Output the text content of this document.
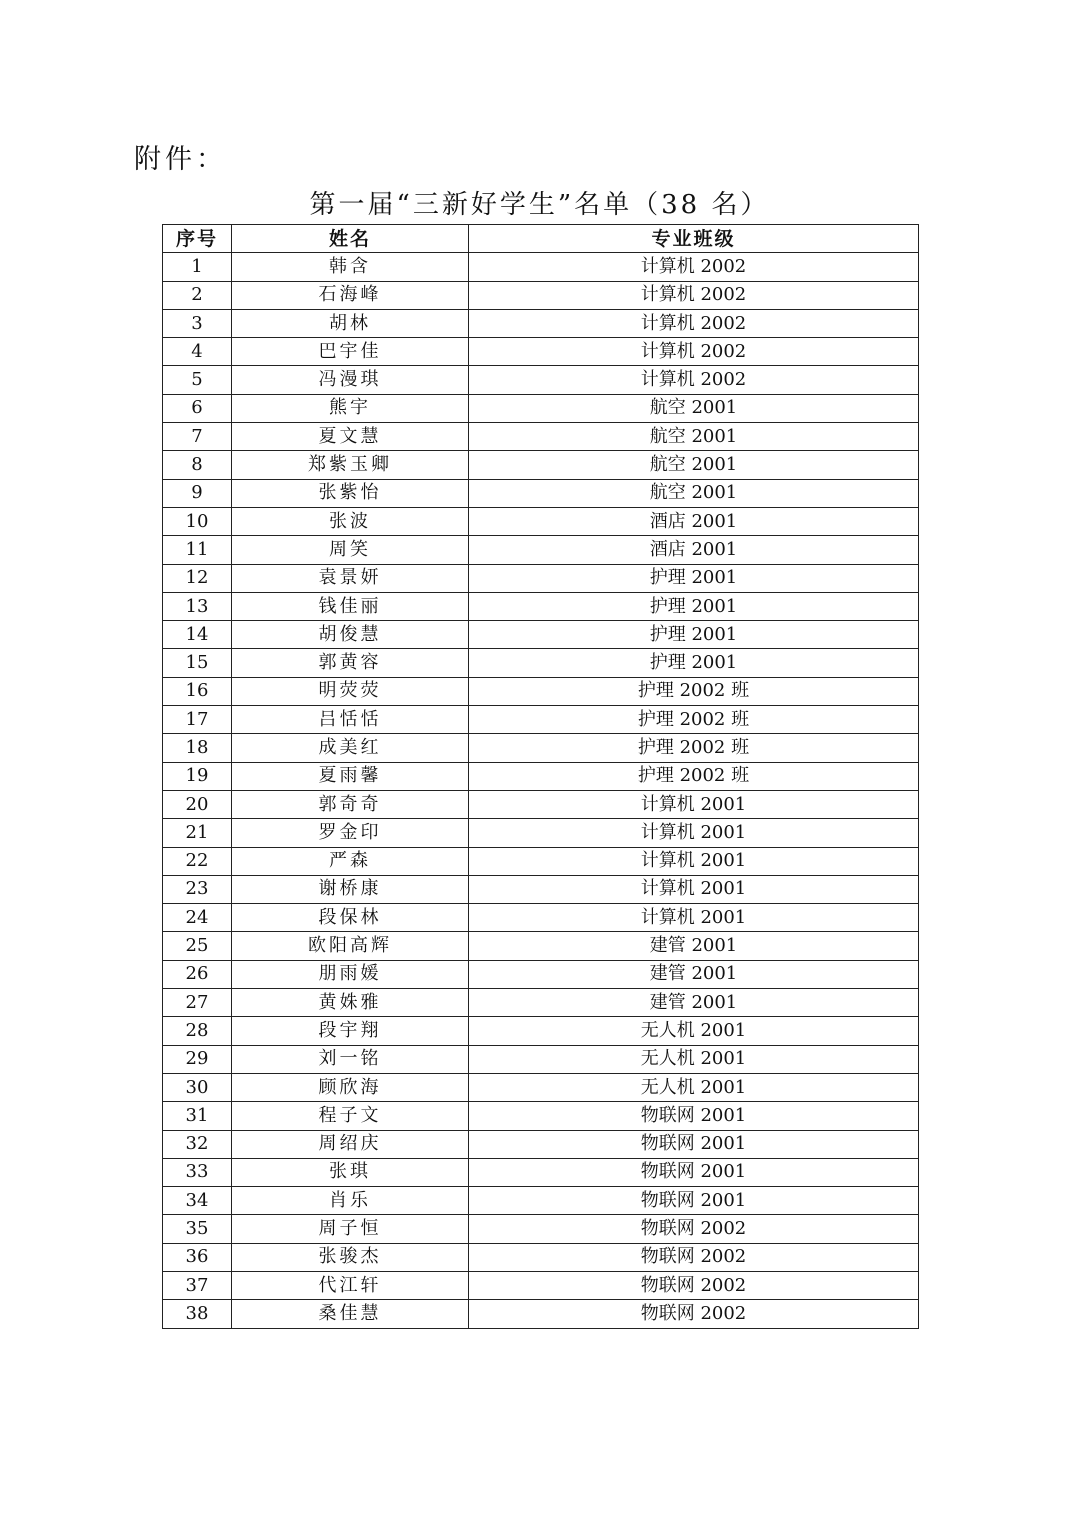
附件：
第一届“三新好学生”名单（38 名）
序号	姓名	专业班级
1	韩含	计算机 2002
2	石海峰	计算机 2002
3	胡林	计算机 2002
4	巴宇佳	计算机 2002
5	冯漫琪	计算机 2002
6	熊宇	航空 2001
7	夏文慧	航空 2001
8	郑紫玉卿	航空 2001
9	张紫怡	航空 2001
10	张波	酒店 2001
11	周笑	酒店 2001
12	袁景妍	护理 2001
13	钱佳丽	护理 2001
14	胡俊慧	护理 2001
15	郭黄容	护理 2001
16	明荧荧	护理 2002 班
17	吕恬恬	护理 2002 班
18	成美红	护理 2002 班
19	夏雨馨	护理 2002 班
20	郭奇奇	计算机 2001
21	罗金印	计算机 2001
22	严森	计算机 2001
23	谢桥康	计算机 2001
24	段保林	计算机 2001
25	欧阳高辉	建管 2001
26	朋雨媛	建管 2001
27	黄姝雅	建管 2001
28	段宇翔	无人机 2001
29	刘一铭	无人机 2001
30	顾欣海	无人机 2001
31	程子文	物联网 2001
32	周绍庆	物联网 2001
33	张琪	物联网 2001
34	肖乐	物联网 2001
35	周子恒	物联网 2002
36	张骏杰	物联网 2002
37	代江轩	物联网 2002
38	桑佳慧	物联网 2002
